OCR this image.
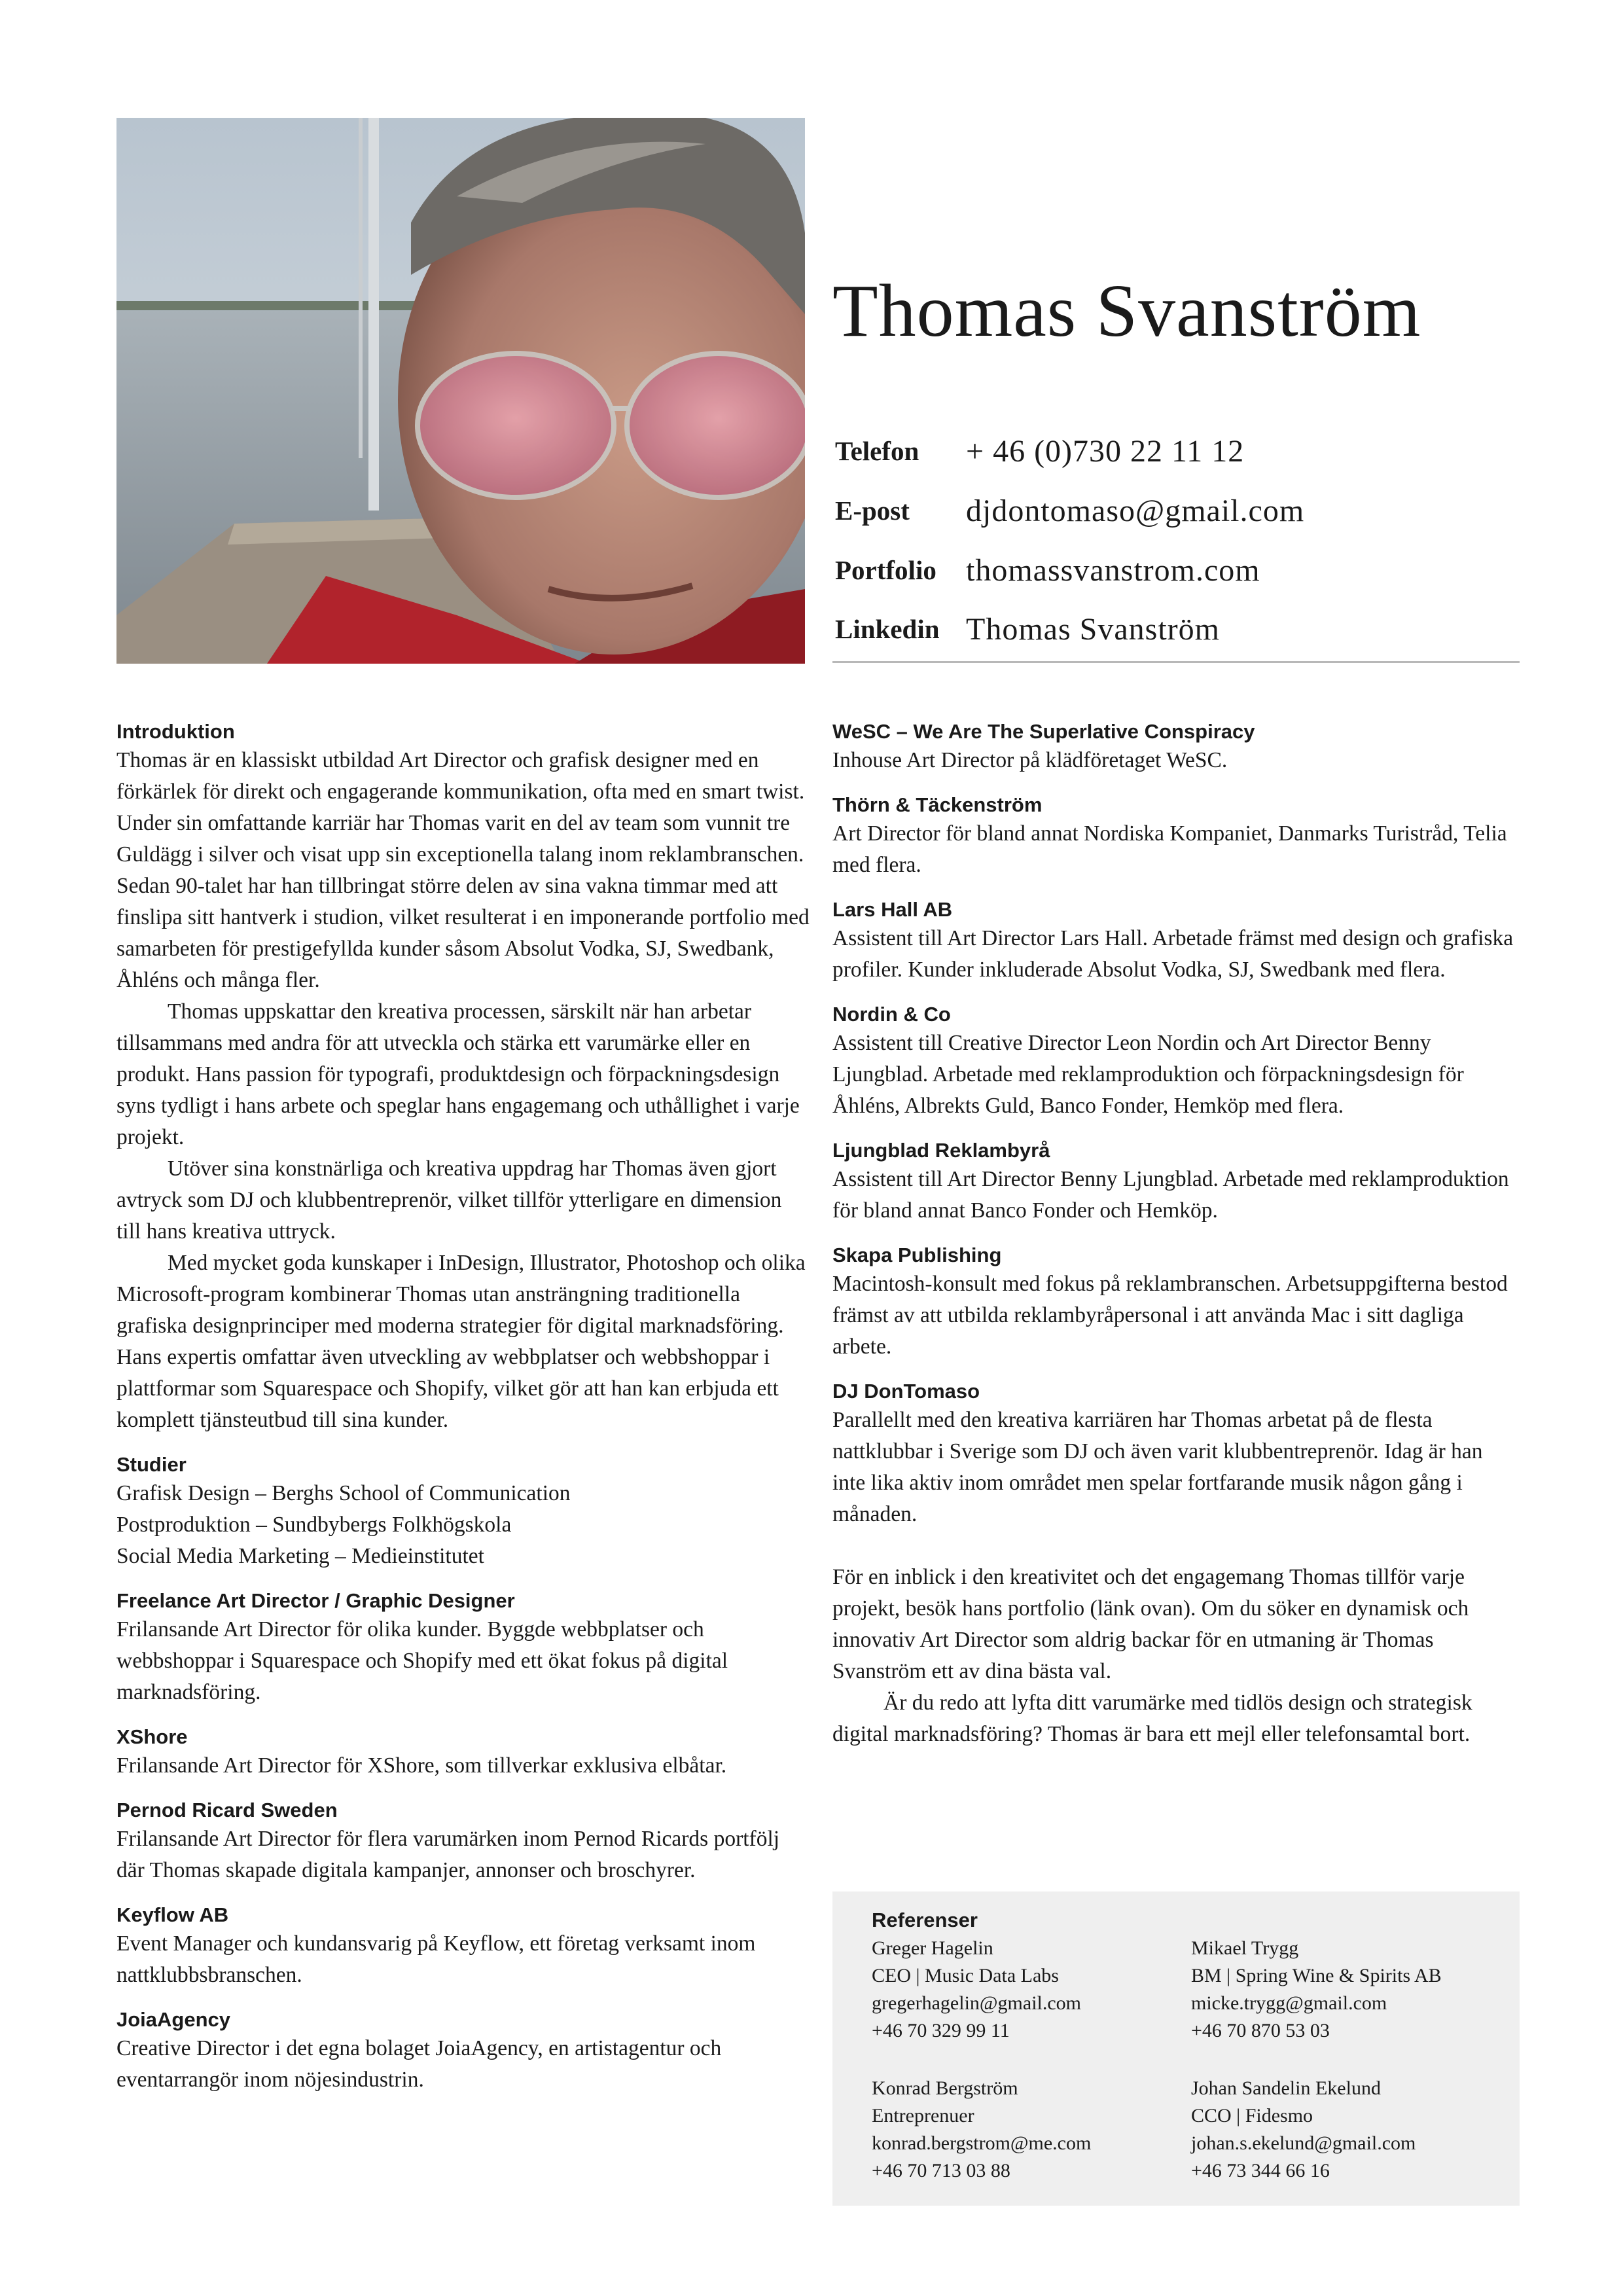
Thomas Svanström
Telefon	+ 46 (0)730 22 11 12
E-post	djdontomaso@gmail.com
Portfolio thomassvanstrom.com
Linkedin Thomas Svanström
Introduktion

Thomas är en klassiskt utbildad Art Director och grafisk designer med en förkärlek för direkt och engagerande kommunikation, ofta med en smart twist. Under sin omfattande karriär har Thomas varit en del av team som vunnit tre Guldägg i silver och visat upp sin exceptionella talang inom reklambranschen. Sedan 90-talet har han tillbringat större delen av sina vakna timmar med att finslipa sitt hantverk i studion, vilket resulterat i en imponerande portfolio med samarbeten för prestigefyllda kunder såsom Absolut Vodka, SJ, Swedbank, Åhléns och många fler.

Thomas uppskattar den kreativa processen, särskilt när han arbetar tillsammans med andra för att utveckla och stärka ett varumärke eller en produkt. Hans passion för typografi, produktdesign och förpackningsdesign syns tydligt i hans arbete och speglar hans engagemang och uthållighet i varje projekt.

Utöver sina konstnärliga och kreativa uppdrag har Thomas även gjort avtryck som DJ och klubbentreprenör, vilket tillför ytterligare en dimension till hans kreativa uttryck.

Med mycket goda kunskaper i InDesign, Illustrator, Photoshop och olika Microsoft-program kombinerar Thomas utan ansträngning traditionella grafiska designprinciper med moderna strategier för digital marknadsföring. Hans expertis omfattar även utveckling av webbplatser och webbshoppar i plattformar som Squarespace och Shopify, vilket gör att han kan erbjuda ett komplett tjänsteutbud till sina kunder.

Studier
Grafisk Design – Berghs School of Communication
Postproduktion – Sundbybergs Folkhögskola
Social Media Marketing – Medieinstitutet
Freelance Art Director / Graphic Designer

Frilansande Art Director för olika kunder. Byggde webbplatser och webbshoppar i Squarespace och Shopify med ett ökat fokus på digital marknadsföring.

XShore

Frilansande Art Director för XShore, som tillverkar exklusiva elbåtar.

Pernod Ricard Sweden

Frilansande Art Director för flera varumärken inom Pernod Ricards portfölj där Thomas skapade digitala kampanjer, annonser och broschyrer.

Keyflow AB

Event Manager och kundansvarig på Keyflow, ett företag verksamt inom nattklubbsbranschen.

JoiaAgency

Creative Director i det egna bolaget JoiaAgency, en artistagentur och eventarrangör inom nöjesindustrin.

WeSC – We Are The Superlative Conspiracy

Inhouse Art Director på klädföretaget WeSC.

Thörn & Täckenström

Art Director för bland annat Nordiska Kompaniet, Danmarks Turistråd, Telia med flera.

Lars Hall AB

Assistent till Art Director Lars Hall. Arbetade främst med design och grafiska profiler. Kunder inkluderade Absolut Vodka, SJ, Swedbank med flera.

Nordin & Co

Assistent till Creative Director Leon Nordin och Art Director Benny Ljungblad. Arbetade med reklamproduktion och förpackningsdesign för Åhléns, Albrekts Guld, Banco Fonder, Hemköp med flera.

Ljungblad Reklambyrå

Assistent till Art Director Benny Ljungblad. Arbetade med reklamproduktion för bland annat Banco Fonder och Hemköp.

Skapa Publishing

Macintosh-konsult med fokus på reklambranschen. Arbetsuppgifterna bestod främst av att utbilda reklambyråpersonal i att använda Mac i sitt dagliga arbete.

DJ DonTomaso

Parallellt med den kreativa karriären har Thomas arbetat på de flesta nattklubbar i Sverige som DJ och även varit klubbentreprenör. Idag är han inte lika aktiv inom området men spelar fortfarande musik någon gång i månaden.

För en inblick i den kreativitet och det engagemang Thomas tillför varje projekt, besök hans portfolio (länk ovan). Om du söker en dynamisk och innovativ Art Director som aldrig backar för en utmaning är Thomas Svanström ett av dina bästa val.

Är du redo att lyfta ditt varumärke med tidlös design och strategisk digital marknadsföring? Thomas är bara ett mejl eller telefonsamtal bort.

Referenser
Greger Hagelin
CEO | Music Data Labs
gregerhagelin@gmail.com
+46 70 329 99 11
Mikael Trygg
BM | Spring Wine & Spirits AB
micke.trygg@gmail.com
+46 70 870 53 03
Konrad Bergström
Entreprenuer
konrad.bergstrom@me.com
+46 70 713 03 88
Johan Sandelin Ekelund
CCO | Fidesmo
johan.s.ekelund@gmail.com
+46 73 344 66 16
